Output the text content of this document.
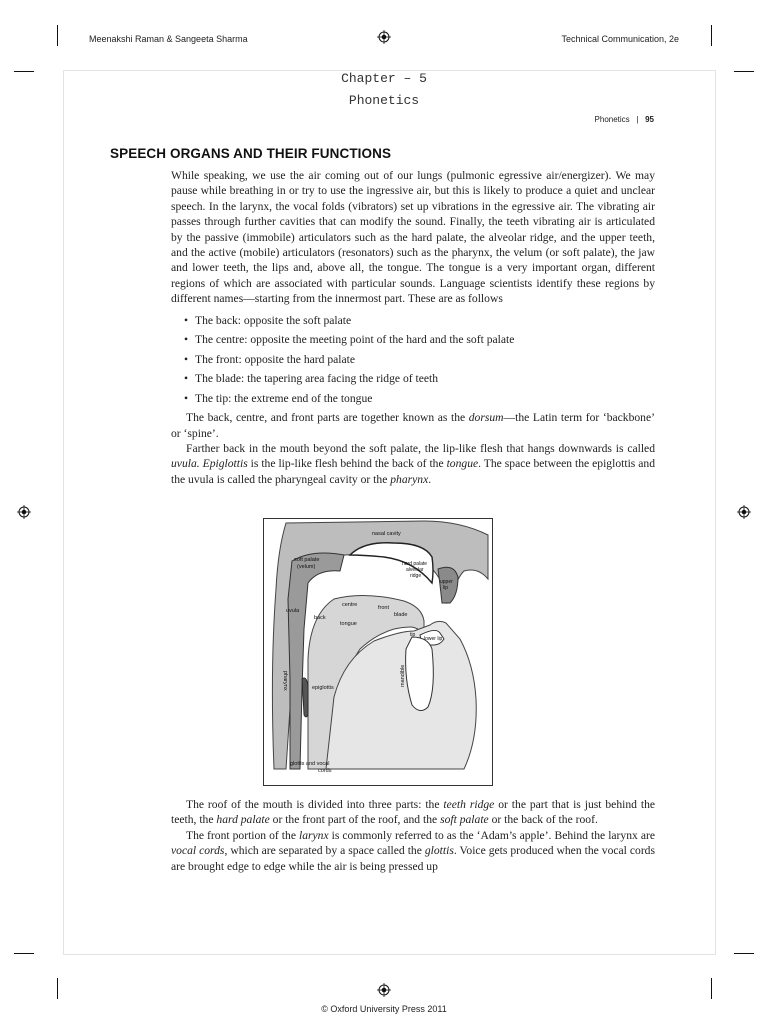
Meenakshi Raman & Sangeeta Sharma	Technical Communication, 2e
Chapter – 5
Phonetics
Phonetics | 95
SPEECH ORGANS AND THEIR FUNCTIONS

While speaking, we use the air coming out of our lungs (pulmonic egressive air/energizer). We may pause while breathing in or try to use the ingressive air, but this is likely to produce a quiet and unclear speech. In the larynx, the vocal folds (vibrators) set up vibrations in the egressive air. The vibrating air passes through further cavities that can modify the sound. Finally, the teeth vibrating air is articulated by the passive (immobile) articulators such as the hard palate, the alveolar ridge, and the upper teeth, and the active (mobile) articulators (resonators) such as the pharynx, the velum (or soft palate), the jaw and lower teeth, the lips and, above all, the tongue. The tongue is a very important organ, different regions of which are associated with particular sounds. Language scientists identify these regions by different names—starting from the innermost part. These are as follows

• The back: opposite the soft palate
• The centre: opposite the meeting point of the hard and the soft palate
• The front: opposite the hard palate
• The blade: the tapering area facing the ridge of teeth
• The tip: the extreme end of the tongue

The back, centre, and front parts are together known as the dorsum—the Latin term for ‘backbone’ or ‘spine’.

Farther back in the mouth beyond the soft palate, the lip-like flesh that hangs downwards is called uvula. Epiglottis is the lip-like flesh behind the back of the tongue. The space between the epiglottis and the uvula is called the pharyngeal cavity or the pharynx.

nasal cavity
soft palate
(velum)	hard palate
alveolar
ridge
upper
lip
uvula
centre	front
back	blade
tongue
tip
lower lip
pharynx	mandible
epiglottis
glottis and vocal
cords

The roof of the mouth is divided into three parts: the teeth ridge or the part that is just behind the teeth, the hard palate or the front part of the roof, and the soft palate or the back of the roof.

The front portion of the larynx is commonly referred to as the ‘Adam’s apple’. Behind the larynx are vocal cords, which are separated by a space called the glottis. Voice gets produced when the vocal cords are brought edge to edge while the air is being pressed up

© Oxford University Press 2011
